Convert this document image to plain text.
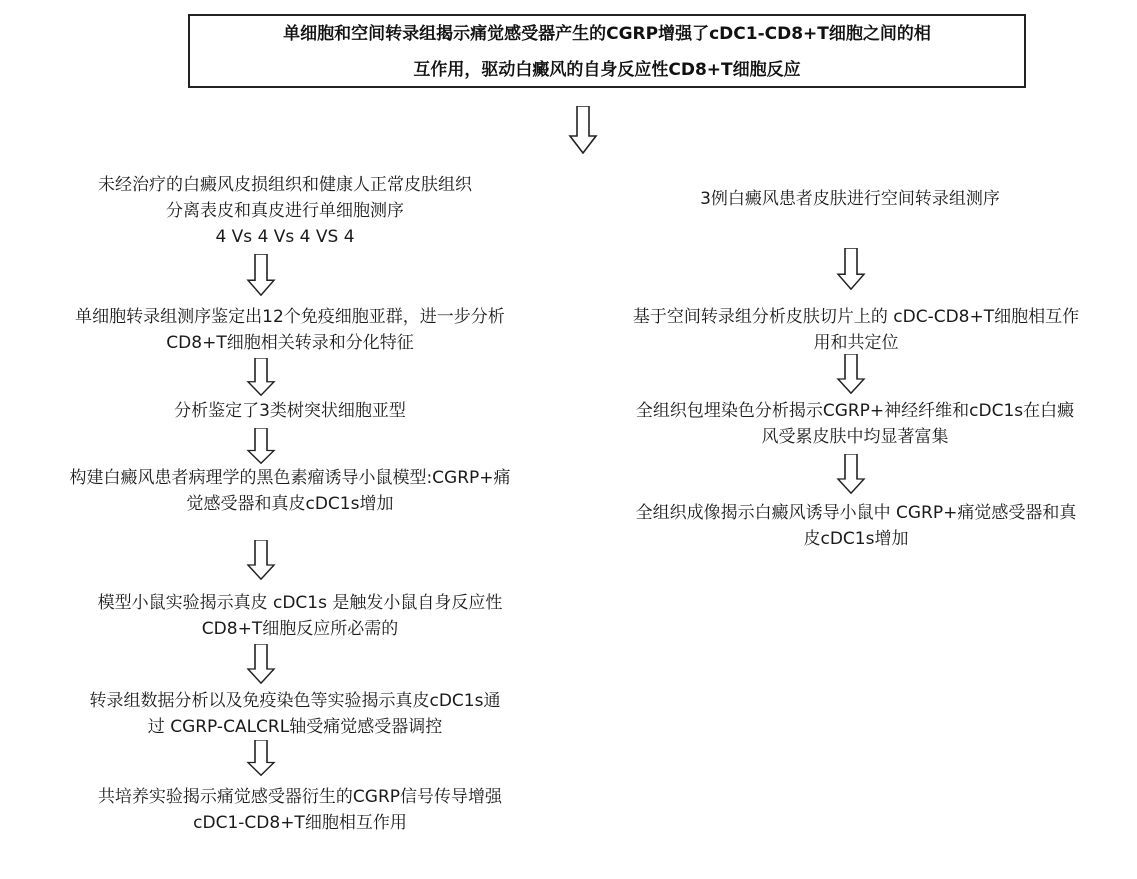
单细胞和空间转录组揭示痛觉感受器产生的CGRP增强了cDC1-CD8+T细胞之间的相
互作用，驱动白癜风的自身反应性CD8+T细胞反应
未经治疗的白癜风皮损组织和健康人正常皮肤组织
分离表皮和真皮进行单细胞测序
4 Vs 4 Vs 4 VS 4
单细胞转录组测序鉴定出12个免疫细胞亚群，进一步分析
CD8+T细胞相关转录和分化特征
分析鉴定了3类树突状细胞亚型
构建白癜风患者病理学的黑色素瘤诱导小鼠模型:CGRP+痛
觉感受器和真皮cDC1s增加
模型小鼠实验揭示真皮 cDC1s 是触发小鼠自身反应性
CD8+T细胞反应所必需的
转录组数据分析以及免疫染色等实验揭示真皮cDC1s通
过 CGRP-CALCRL轴受痛觉感受器调控
共培养实验揭示痛觉感受器衍生的CGRP信号传导增强
cDC1-CD8+T细胞相互作用
3例白癜风患者皮肤进行空间转录组测序
基于空间转录组分析皮肤切片上的 cDC-CD8+T细胞相互作
用和共定位
全组织包埋染色分析揭示CGRP+神经纤维和cDC1s在白癜
风受累皮肤中均显著富集
全组织成像揭示白癜风诱导小鼠中 CGRP+痛觉感受器和真
皮cDC1s增加
